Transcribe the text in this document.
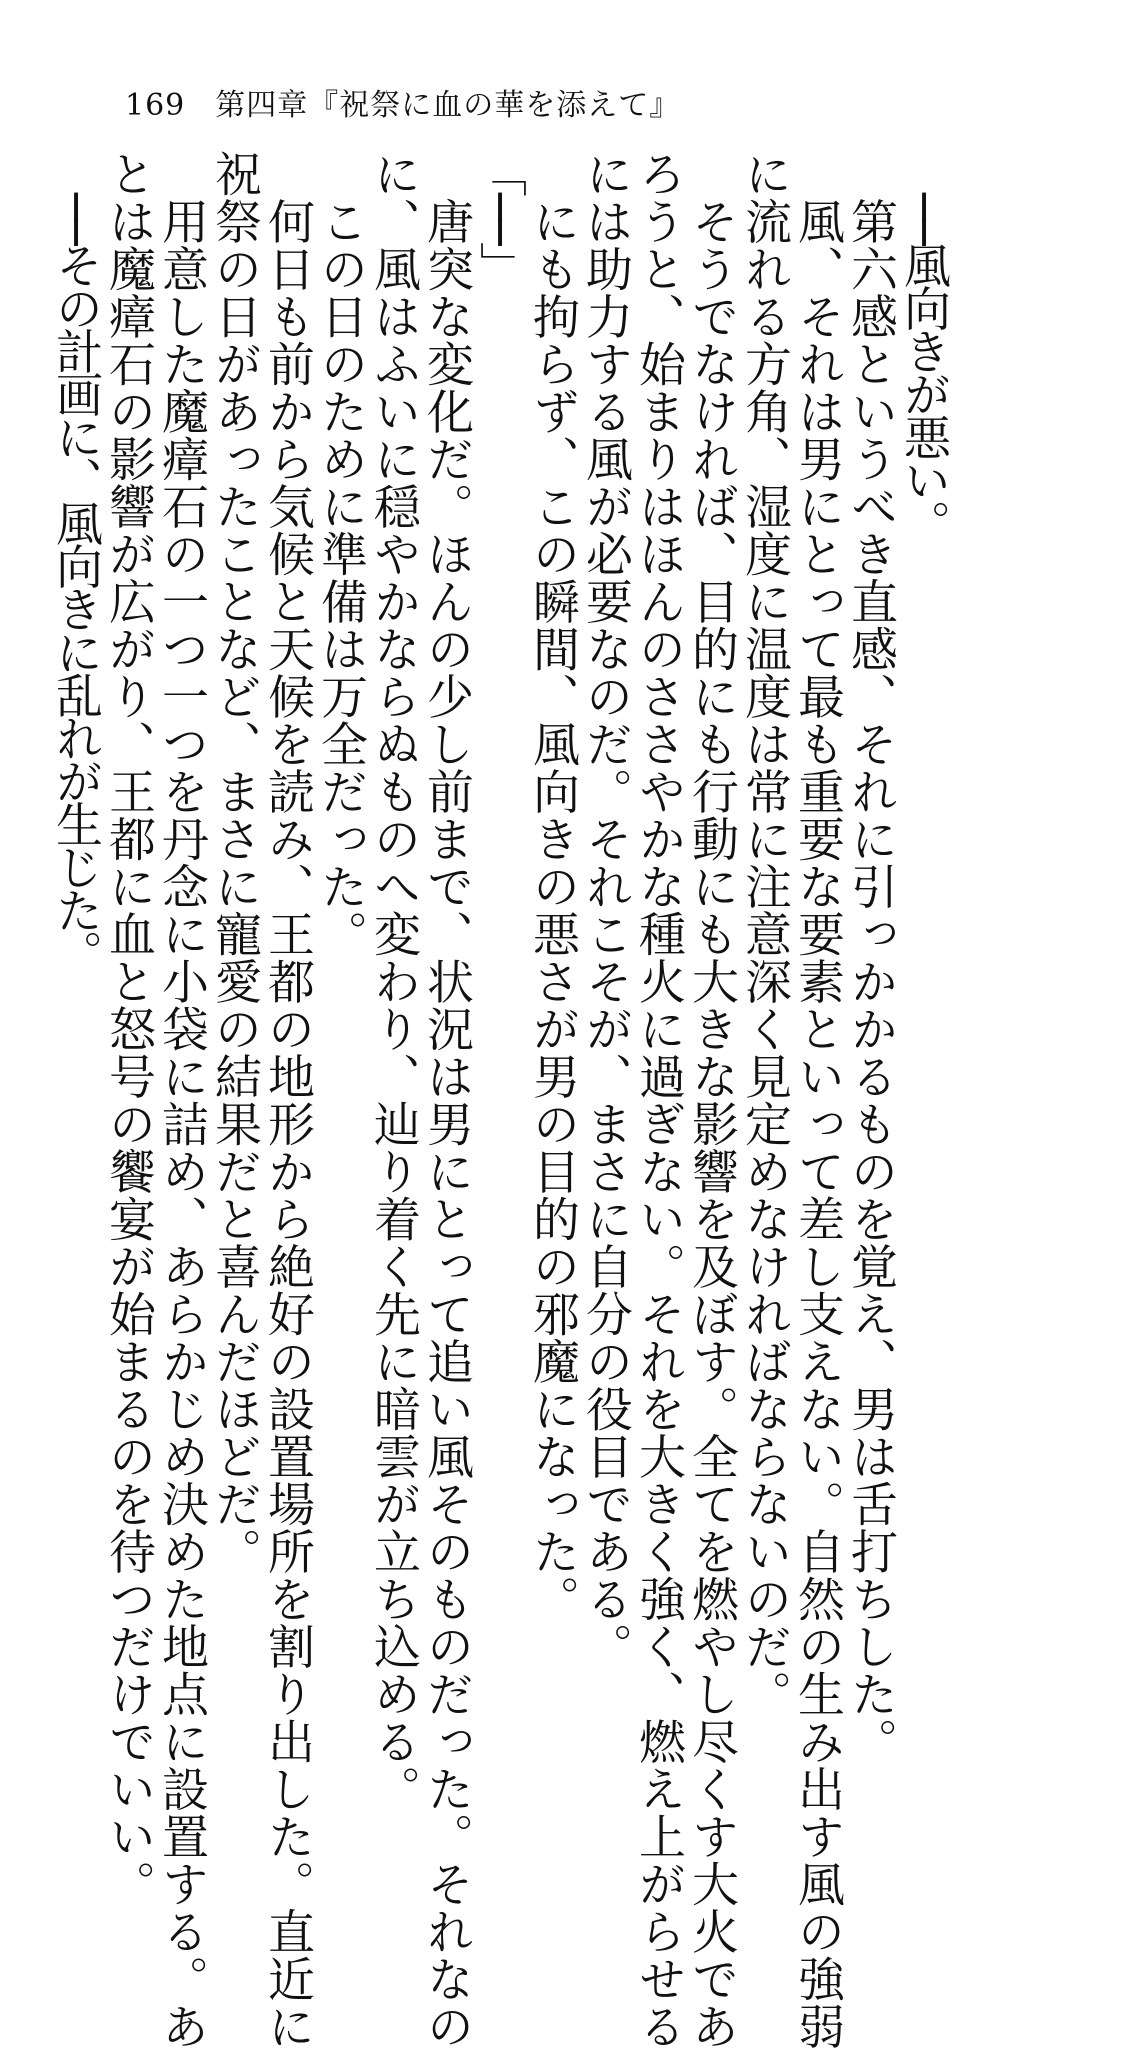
169 第四章『祝祭に血の華を添えて』
　──風向きが悪い。
　第六感というべき直感、それに引っかかるものを覚え、男は舌打ちした。
　風、それは男にとって最も重要な要素といって差し支えない。自然の生み出す風の強弱
に流れる方角、湿度に温度は常に注意深く見定めなければならないのだ。
　そうでなければ、目的にも行動にも大きな影響を及ぼす。全てを燃やし尽くす大火であ
ろうと、始まりはほんのささやかな種火に過ぎない。それを大きく強く、燃え上がらせる
には助力する風が必要なのだ。それこそが、まさに自分の役目である。
　にも拘らず、この瞬間、風向きの悪さが男の目的の邪魔になった。
「──」
　唐突な変化だ。ほんの少し前まで、状況は男にとって追い風そのものだった。それなの
に、風はふいに穏やかならぬものへ変わり、辿り着く先に暗雲が立ち込める。
　この日のために準備は万全だった。
　何日も前から気候と天候を読み、王都の地形から絶好の設置場所を割り出した。直近に
祝祭の日があったことなど、まさに寵愛の結果だと喜んだほどだ。
　用意した魔瘴石の一つ一つを丹念に小袋に詰め、あらかじめ決めた地点に設置する。あ
とは魔瘴石の影響が広がり、王都に血と怒号の饗宴が始まるのを待つだけでいい。
　──その計画に、風向きに乱れが生じた。
